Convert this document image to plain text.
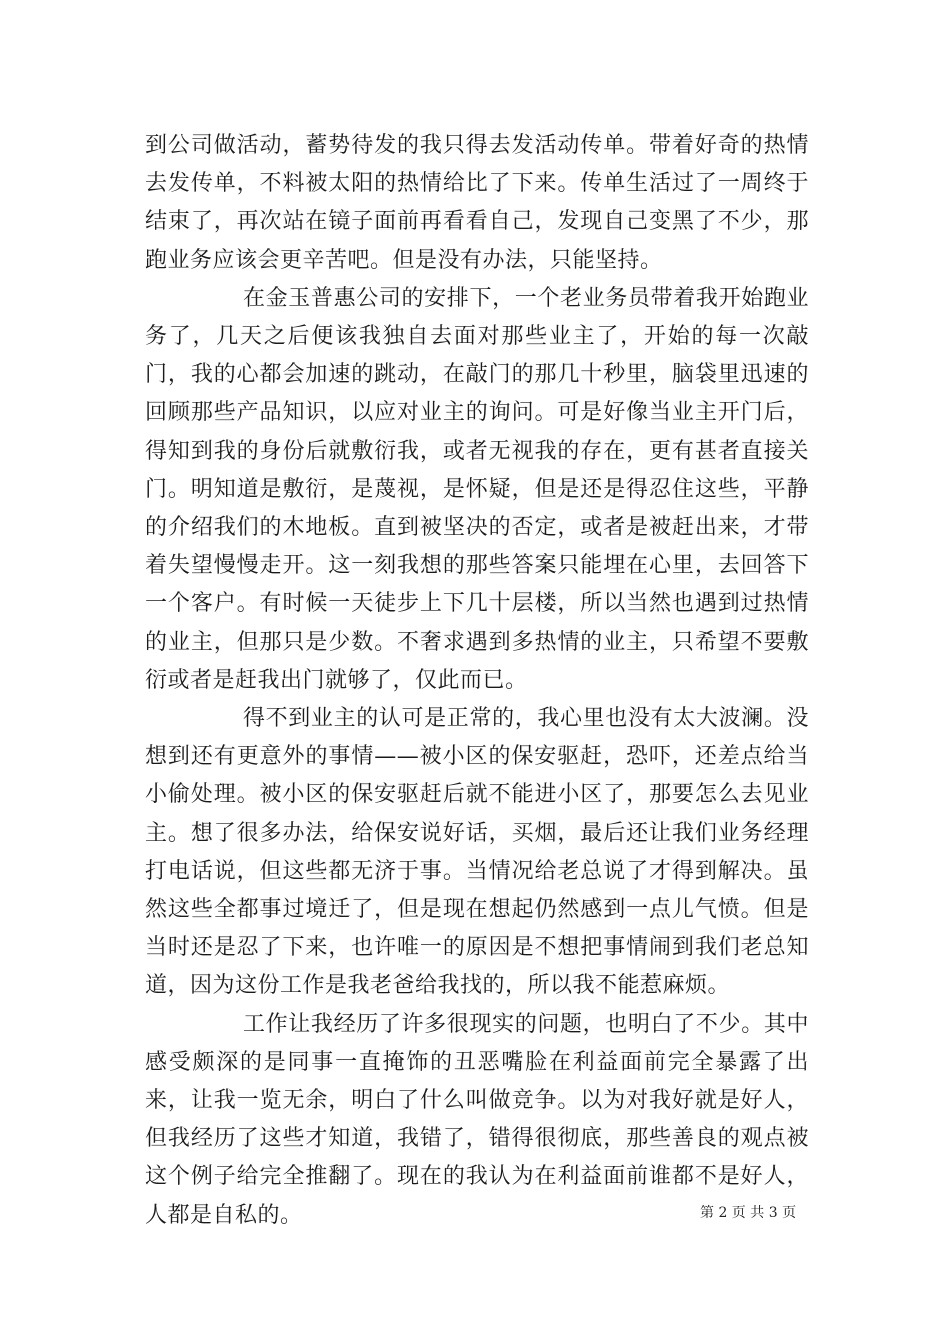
到公司做活动，蓄势待发的我只得去发活动传单。带着好奇的热情去发传单，不料被太阳的热情给比了下来。传单生活过了一周终于结束了，再次站在镜子面前再看看自己，发现自己变黑了不少，那跑业务应该会更辛苦吧。但是没有办法，只能坚持。

在金玉普惠公司的安排下，一个老业务员带着我开始跑业务了，几天之后便该我独自去面对那些业主了，开始的每一次敲门，我的心都会加速的跳动，在敲门的那几十秒里，脑袋里迅速的回顾那些产品知识，以应对业主的询问。可是好像当业主开门后，得知到我的身份后就敷衍我，或者无视我的存在，更有甚者直接关门。明知道是敷衍，是蔑视，是怀疑，但是还是得忍住这些，平静的介绍我们的木地板。直到被坚决的否定，或者是被赶出来，才带着失望慢慢走开。这一刻我想的那些答案只能埋在心里，去回答下一个客户。有时候一天徒步上下几十层楼，所以当然也遇到过热情的业主，但那只是少数。不奢求遇到多热情的业主，只希望不要敷衍或者是赶我出门就够了，仅此而已。

得不到业主的认可是正常的，我心里也没有太大波澜。没想到还有更意外的事情——被小区的保安驱赶，恐吓，还差点给当小偷处理。被小区的保安驱赶后就不能进小区了，那要怎么去见业主。想了很多办法，给保安说好话，买烟，最后还让我们业务经理打电话说，但这些都无济于事。当情况给老总说了才得到解决。虽然这些全都事过境迁了，但是现在想起仍然感到一点儿气愤。但是当时还是忍了下来，也许唯一的原因是不想把事情闹到我们老总知道，因为这份工作是我老爸给我找的，所以我不能惹麻烦。

工作让我经历了许多很现实的问题，也明白了不少。其中感受颇深的是同事一直掩饰的丑恶嘴脸在利益面前完全暴露了出来，让我一览无余，明白了什么叫做竞争。以为对我好就是好人，但我经历了这些才知道，我错了，错得很彻底，那些善良的观点被这个例子给完全推翻了。现在的我认为在利益面前谁都不是好人，人都是自私的。	第 2 页 共 3 页
